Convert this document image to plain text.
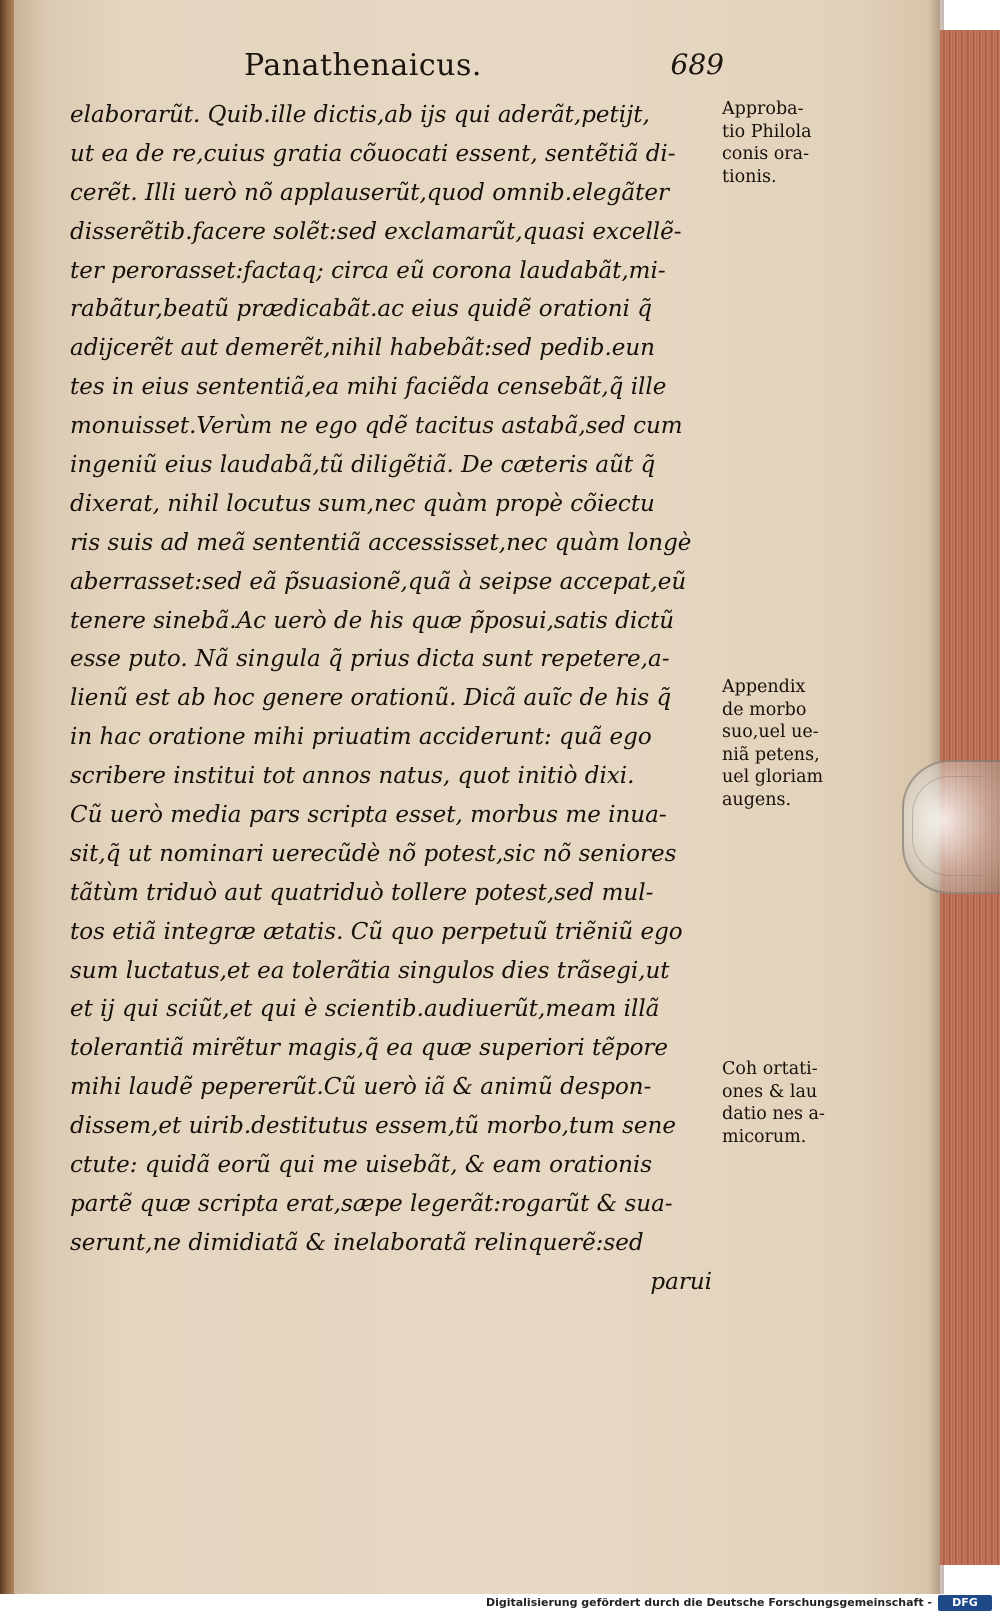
Panathenaicus.	689
elaborarũt. Quib.ille dictis,ab ijs qui aderãt,petijt,
ut ea de re,cuius gratia cõuocati essent, sentẽtiã di-
cerẽt. Illi uerò nõ applauserũt,quod omnib.elegãter
disserẽtib.facere solẽt:sed exclamarũt,quasi excellẽ-
ter perorasset:factaq; circa eũ corona laudabãt,mi-
rabãtur,beatũ prædicabãt.ac eius quidẽ orationi q̃
adijcerẽt aut demerẽt,nihil habebãt:sed pedib.eun
tes in eius sententiã,ea mihi faciẽda censebãt,q̃ ille
monuisset.Verùm ne ego qdẽ tacitus astabã,sed cum
ingeniũ eius laudabã,tũ diligẽtiã. De cæteris aũt q̃
dixerat, nihil locutus sum,nec quàm propè cõiectu
ris suis ad meã sententiã accessisset,nec quàm longè
aberrasset:sed eã p̃suasionẽ,quã à seipse accepat,eũ
tenere sinebã.Ac uerò de his quæ p̃posui,satis dictũ
esse puto. Nã singula q̃ prius dicta sunt repetere,a-
lienũ est ab hoc genere orationũ. Dicã auĩc de his q̃
in hac oratione mihi priuatim acciderunt: quã ego
scribere institui tot annos natus, quot initiò dixi.
Cũ uerò media pars scripta esset, morbus me inua-
sit,q̃ ut nominari uerecũdè nõ potest,sic nõ seniores
tãtùm triduò aut quatriduò tollere potest,sed mul-
tos etiã integræ ætatis. Cũ quo perpetuũ triẽniũ ego
sum luctatus,et ea tolerãtia singulos dies trãsegi,ut
et ij qui sciũt,et qui è scientib.audiuerũt,meam illã
tolerantiã mirẽtur magis,q̃ ea quæ superiori tẽpore
mihi laudẽ pepererũt.Cũ uerò iã & animũ despon-
dissem,et uirib.destitutus essem,tũ morbo,tum sene
ctute: quidã eorũ qui me uisebãt, & eam orationis
partẽ quæ scripta erat,sæpe legerãt:rogarũt & sua-
serunt,ne dimidiatã & inelaboratã relinquerẽ:sed
parui
Approba-
tio Philola
conis ora-
tionis.
Appendix
de morbo
suo,uel ue-
niã petens,
uel gloriam
augens.
Coh ortati-
ones & lau
datio nes a-
micorum.
Digitalisierung gefördert durch die Deutsche Forschungsgemeinschaft -	DFG
